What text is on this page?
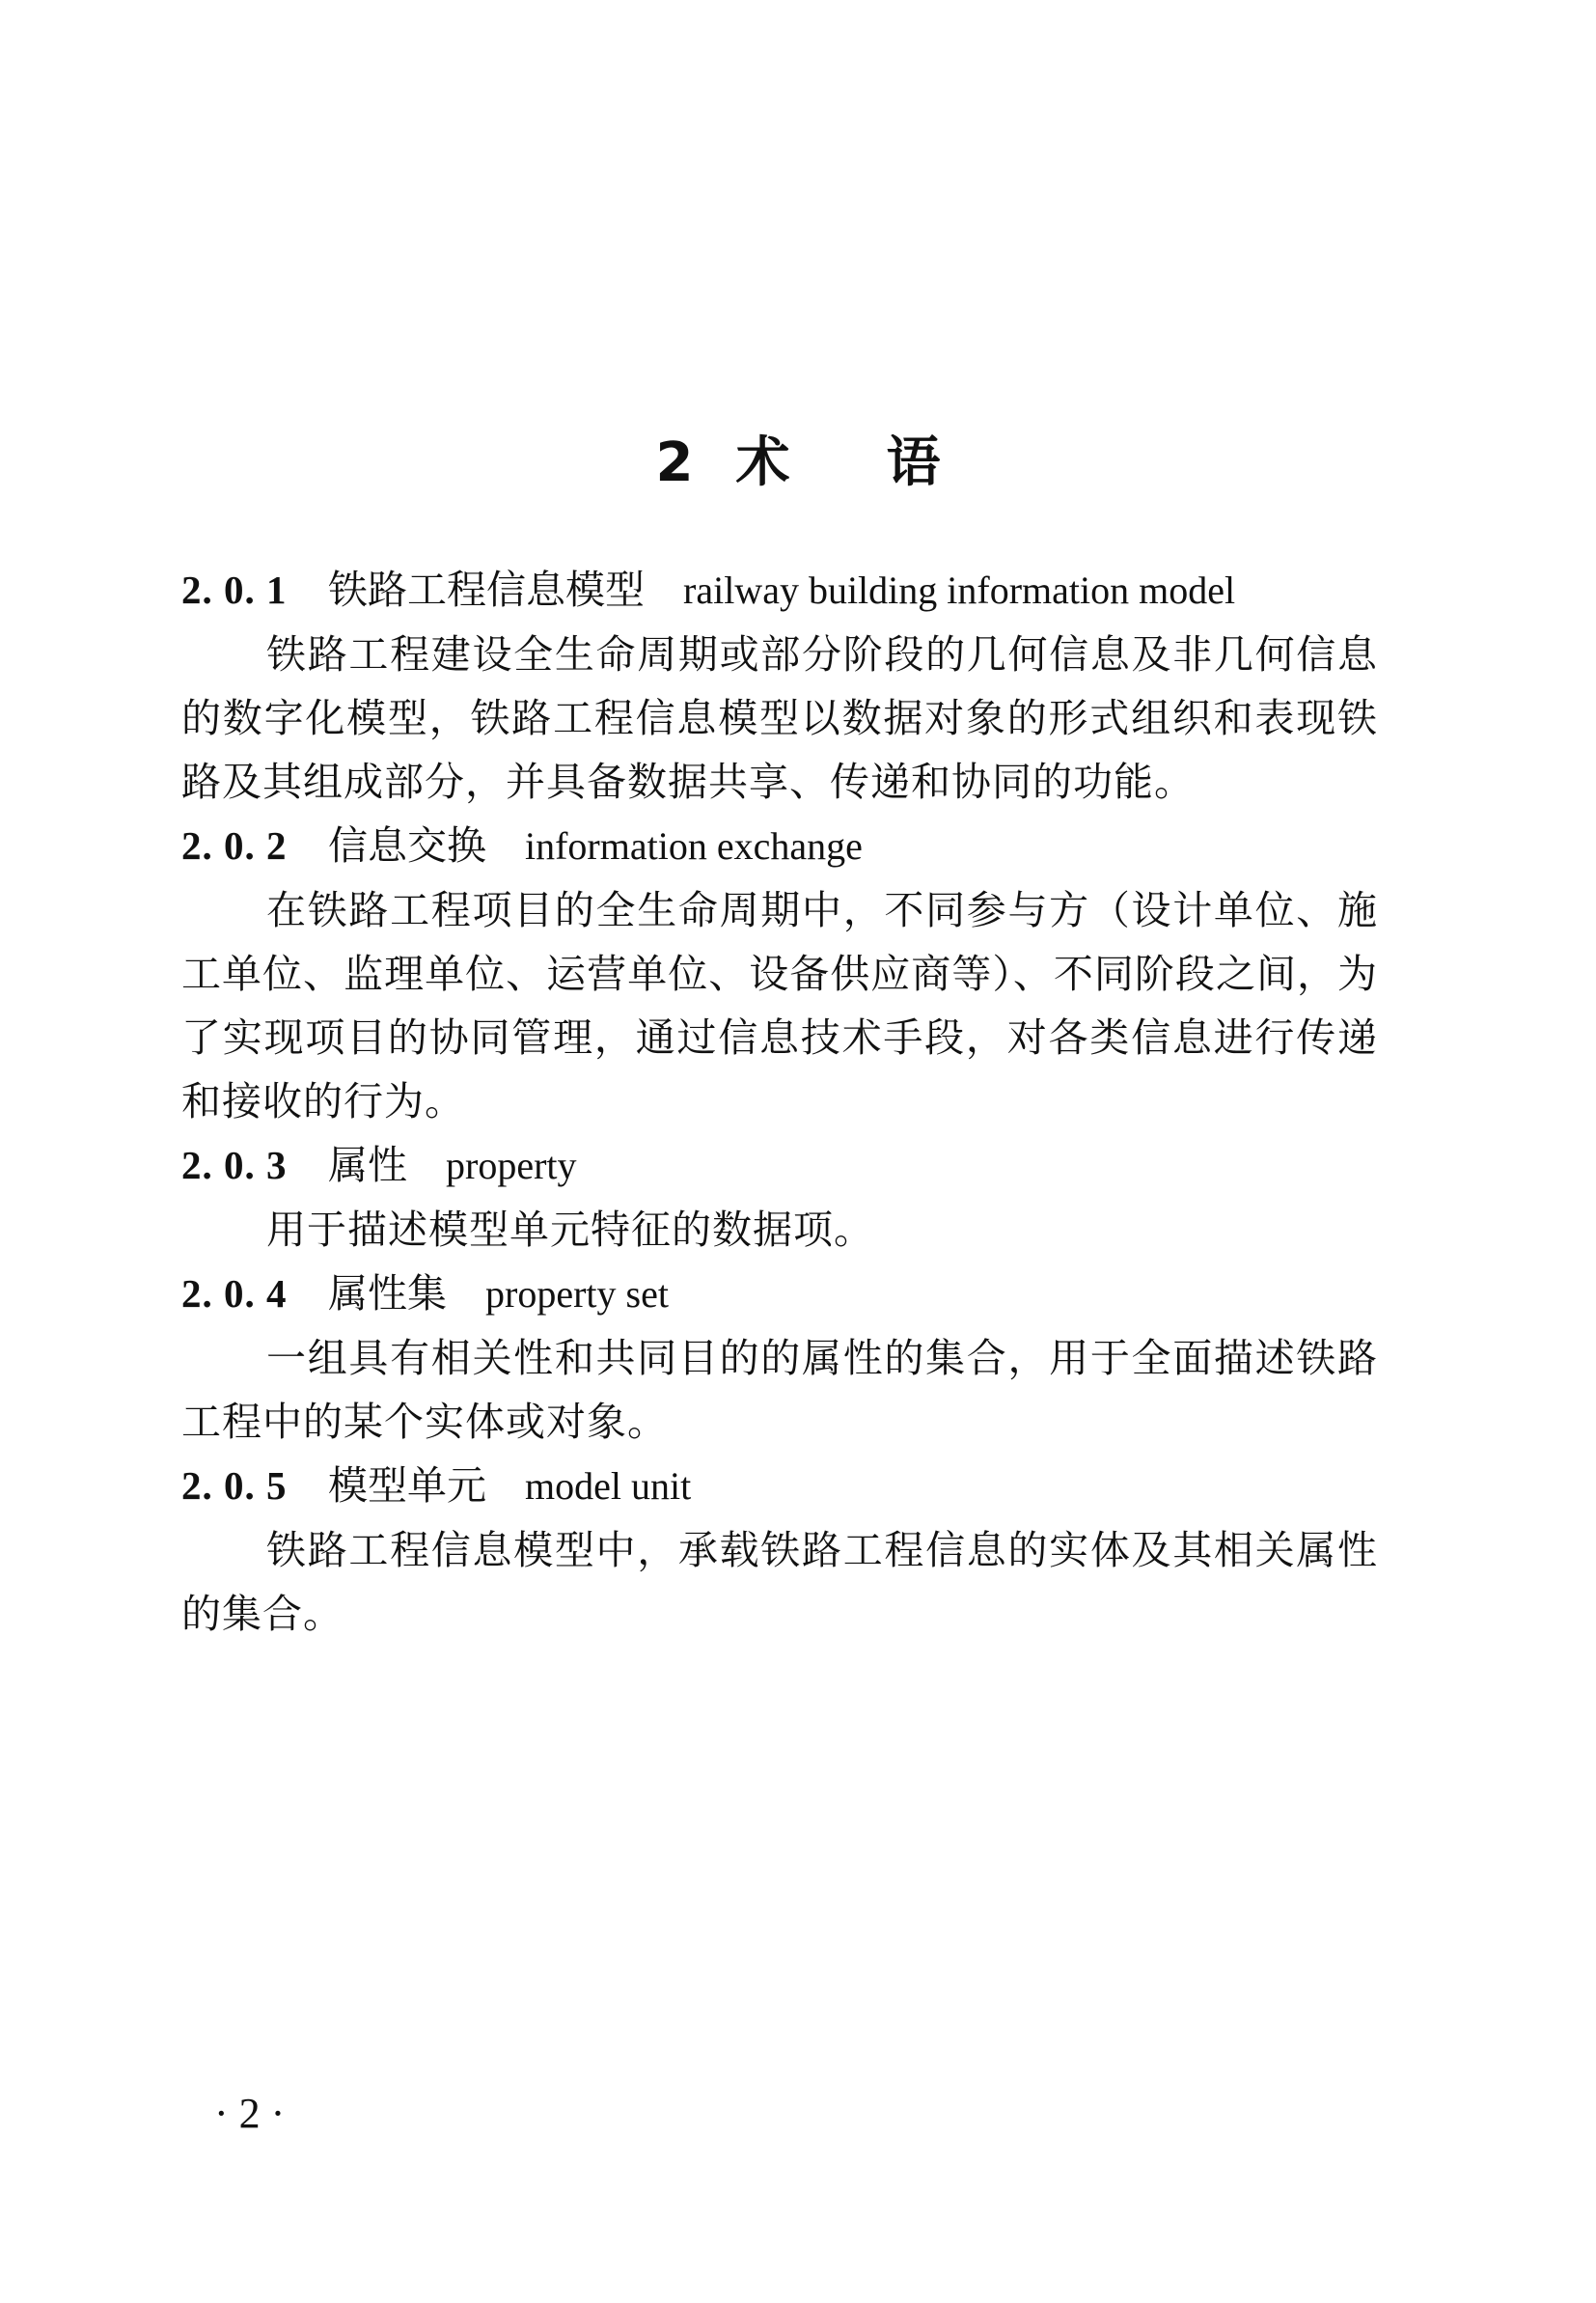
2 术 语

2. 0. 1 铁路工程信息模型 railway building information model

铁路工程建设全生命周期或部分阶段的几何信息及非几何信息的数字化模型，铁路工程信息模型以数据对象的形式组织和表现铁路及其组成部分，并具备数据共享、传递和协同的功能。

2. 0. 2 信息交换 information exchange

在铁路工程项目的全生命周期中，不同参与方（设计单位、施工单位、监理单位、运营单位、设备供应商等）、不同阶段之间，为了实现项目的协同管理，通过信息技术手段，对各类信息进行传递和接收的行为。

2. 0. 3 属性 property

用于描述模型单元特征的数据项。

2. 0. 4 属性集 property set

一组具有相关性和共同目的的属性的集合，用于全面描述铁路工程中的某个实体或对象。

2. 0. 5 模型单元 model unit

铁路工程信息模型中，承载铁路工程信息的实体及其相关属性的集合。

· 2 ·
